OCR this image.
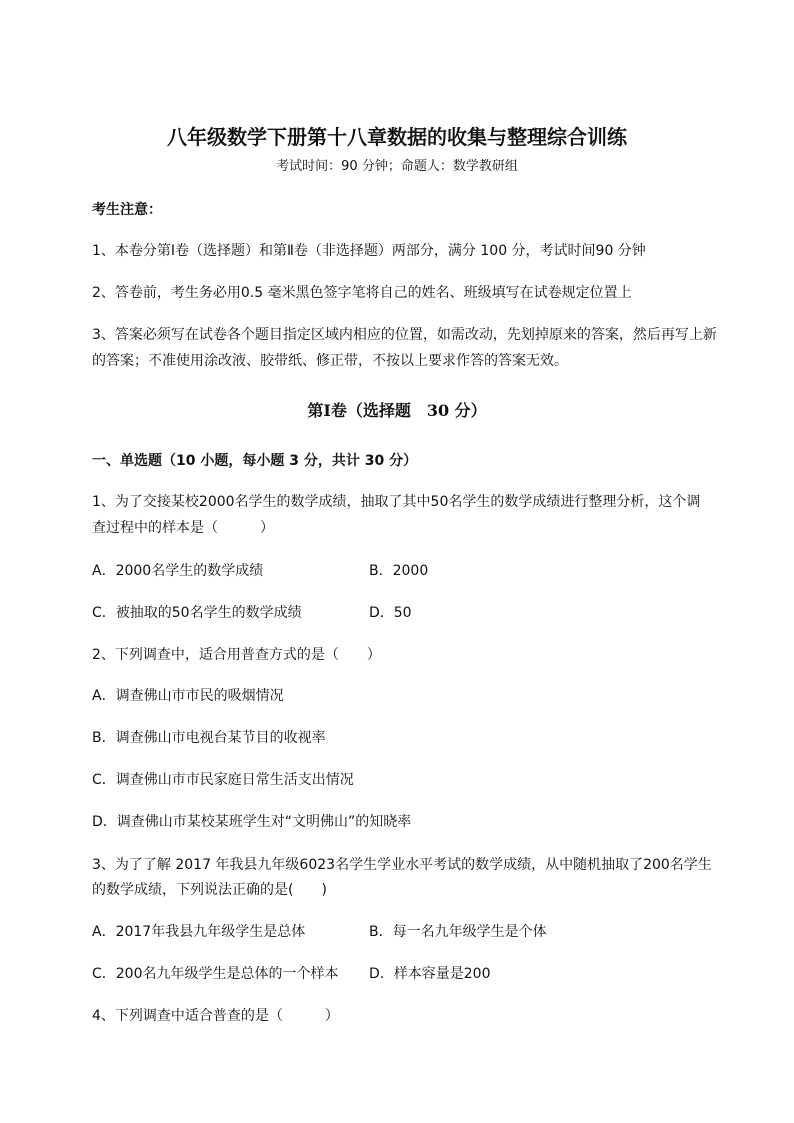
八年级数学下册第十八章数据的收集与整理综合训练
考试时间：90 分钟；命题人：数学教研组
考生注意：
1、本卷分第Ⅰ卷（选择题）和第Ⅱ卷（非选择题）两部分，满分 100 分，考试时间90 分钟
2、答卷前，考生务必用0.5 毫米黑色签字笔将自己的姓名、班级填写在试卷规定位置上
3、答案必须写在试卷各个题目指定区域内相应的位置，如需改动，先划掉原来的答案，然后再写上新
的答案；不准使用涂改液、胶带纸、修正带，不按以上要求作答的答案无效。
第Ⅰ卷（选择题　30 分）
一、单选题（10 小题，每小题 3 分，共计 30 分）
1、为了交接某校2000名学生的数学成绩，抽取了其中50名学生的数学成绩进行整理分析，这个调
查过程中的样本是（　　　）
A．2000名学生的数学成绩	B．2000
C．被抽取的50名学生的数学成绩	D．50
2、下列调查中，适合用普查方式的是（　　）
A．调查佛山市市民的吸烟情况
B．调查佛山市电视台某节目的收视率
C．调查佛山市市民家庭日常生活支出情况
D．调查佛山市某校某班学生对“文明佛山”的知晓率
3、为了了解 2017 年我县九年级6023名学生学业水平考试的数学成绩，从中随机抽取了200名学生
的数学成绩，下列说法正确的是(　　)
A．2017年我县九年级学生是总体	B．每一名九年级学生是个体
C．200名九年级学生是总体的一个样本 D．样本容量是200
4、下列调查中适合普查的是（　　　）
